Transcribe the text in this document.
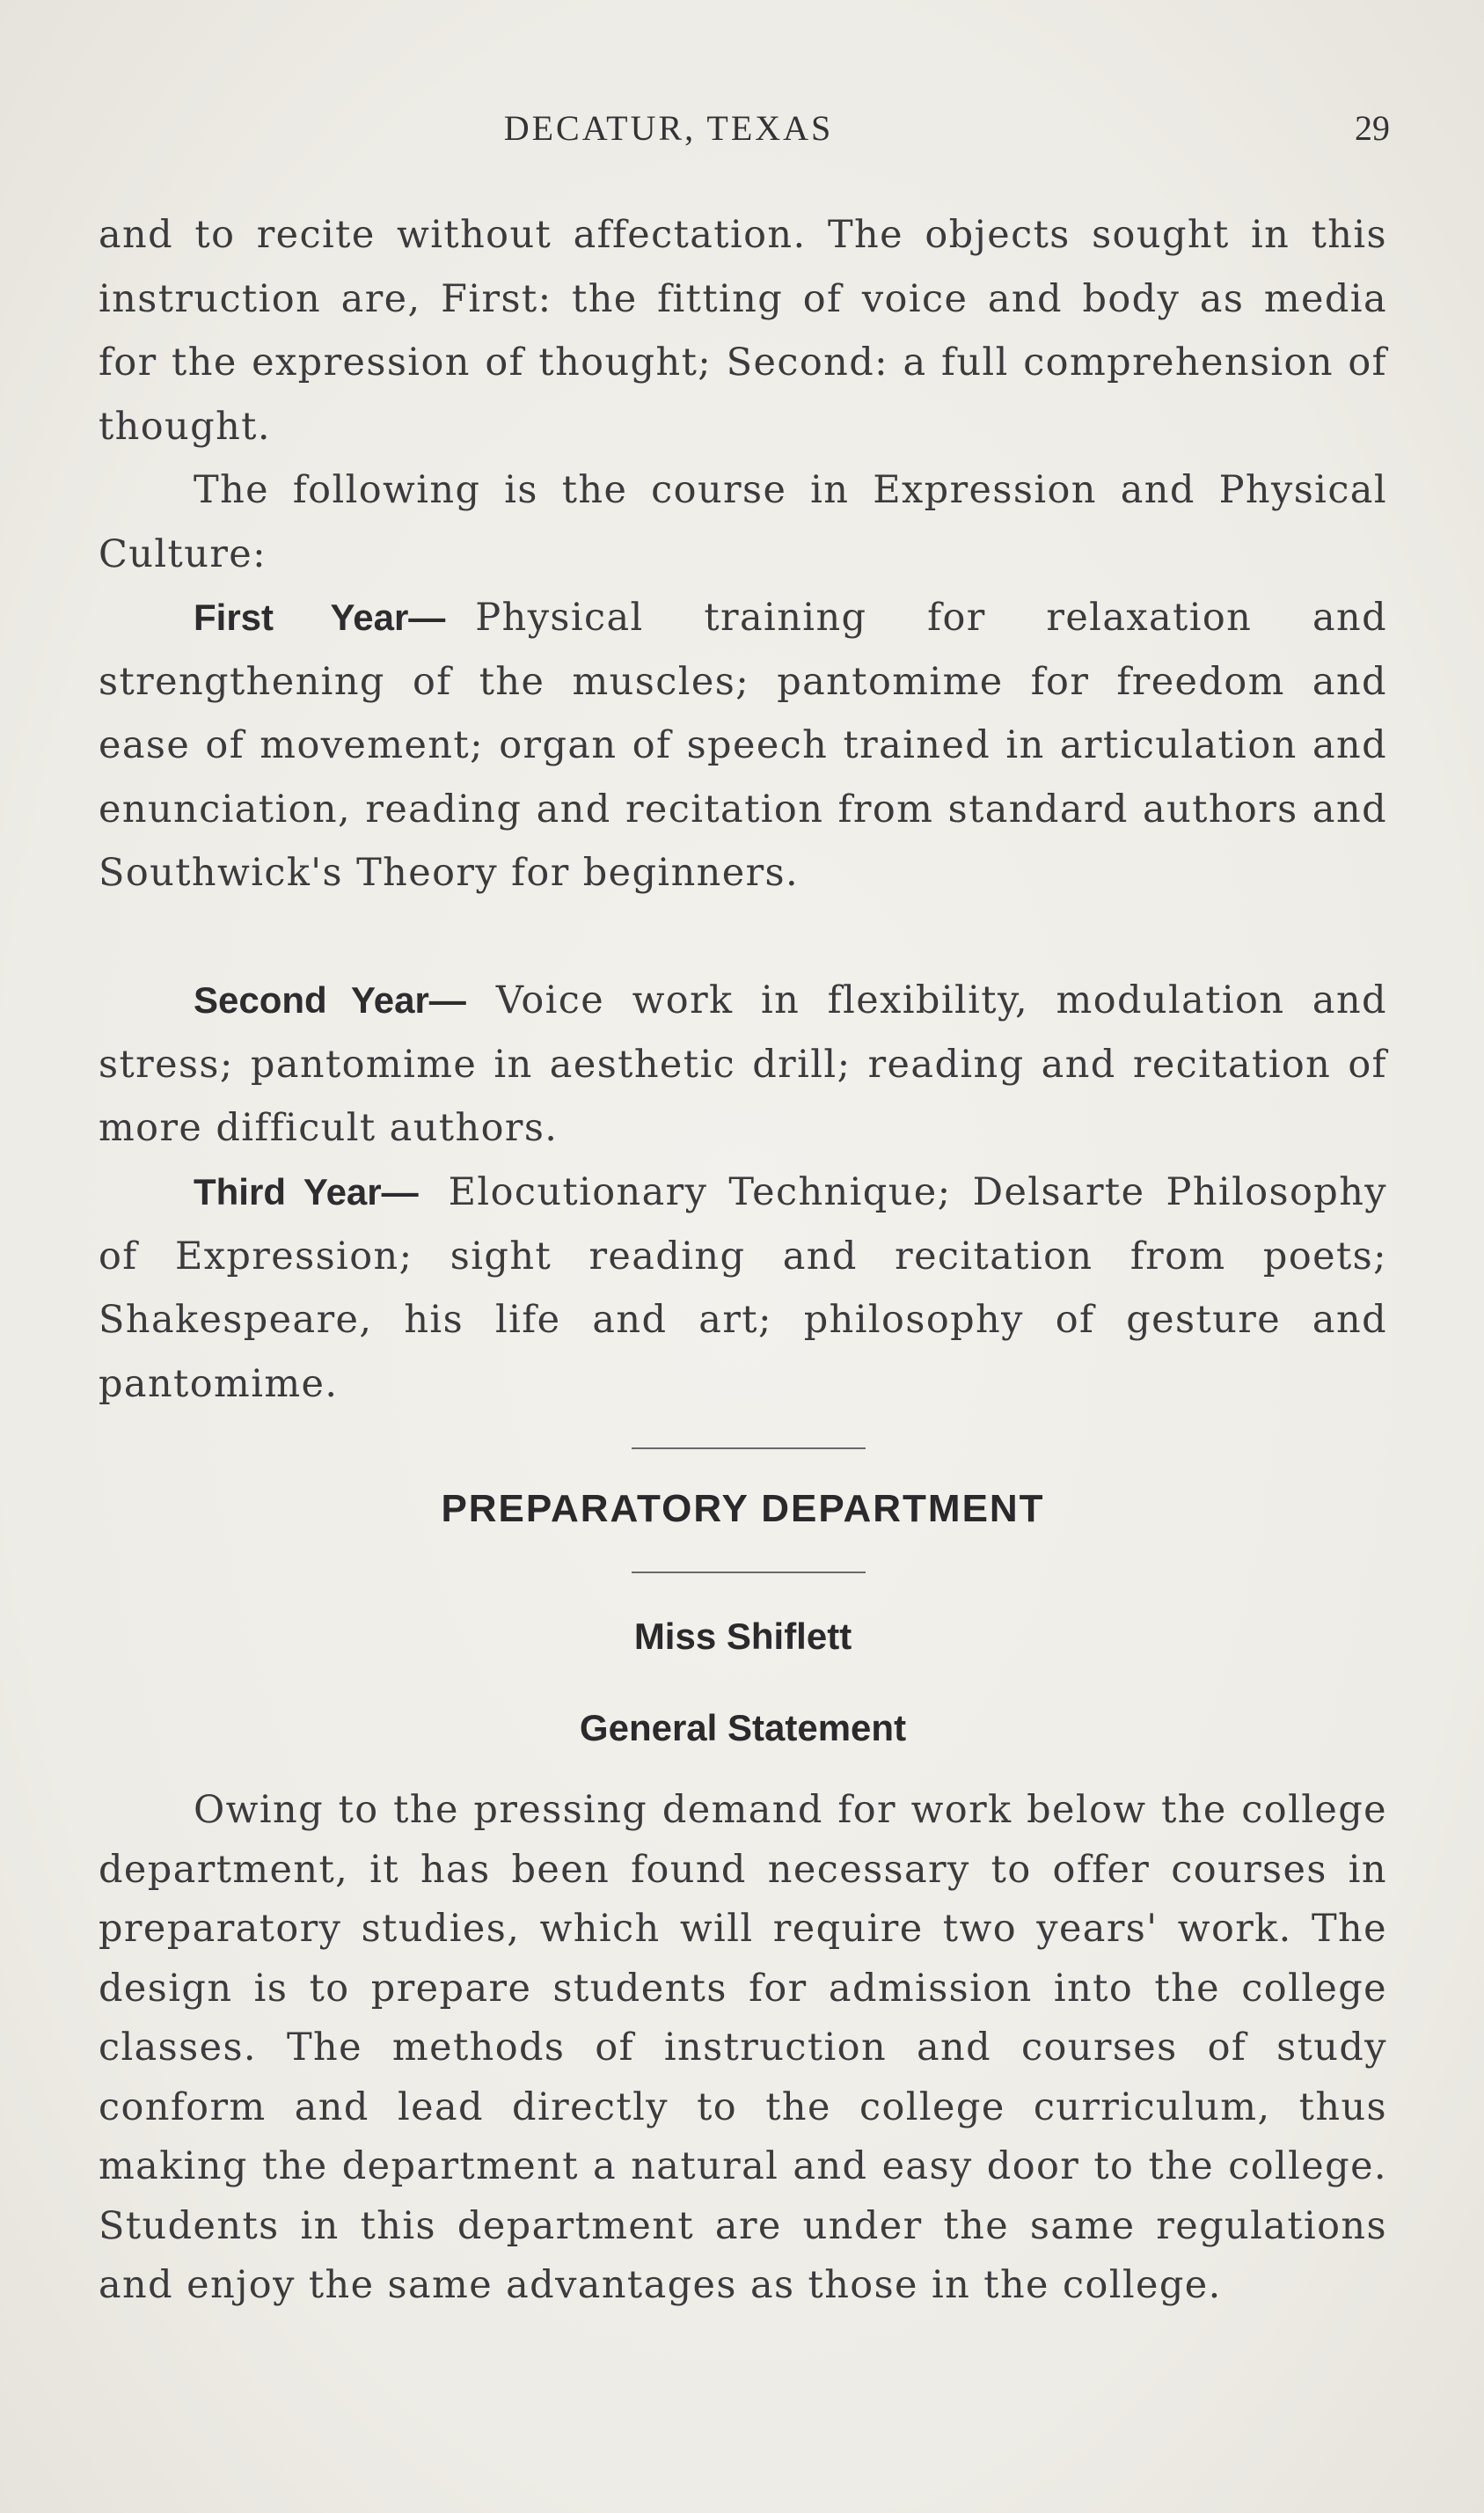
DECATUR, TEXAS	29

and to recite without affectation. The objects sought in this instruction are, First: the fitting of voice and body as media for the expression of thought; Second: a full comprehension of thought.

The following is the course in Expression and Physical Culture:

First Year— Physical training for relaxation and strengthening of the muscles; pantomime for freedom and ease of movement; organ of speech trained in articulation and enunciation, reading and recitation from standard authors and Southwick's Theory for beginners.

Second Year— Voice work in flexibility, modulation and stress; pantomime in aesthetic drill; reading and recitation of more difficult authors.

Third Year— Elocutionary Technique; Delsarte Philosophy of Expression; sight reading and recitation from poets; Shakespeare, his life and art; philosophy of gesture and pantomime.

PREPARATORY DEPARTMENT
Miss Shiflett
General Statement

Owing to the pressing demand for work below the college department, it has been found necessary to offer courses in preparatory studies, which will require two years' work. The design is to prepare students for admission into the college classes. The methods of instruction and courses of study conform and lead directly to the college curriculum, thus making the department a natural and easy door to the college. Students in this department are under the same regulations and enjoy the same advantages as those in the college.
